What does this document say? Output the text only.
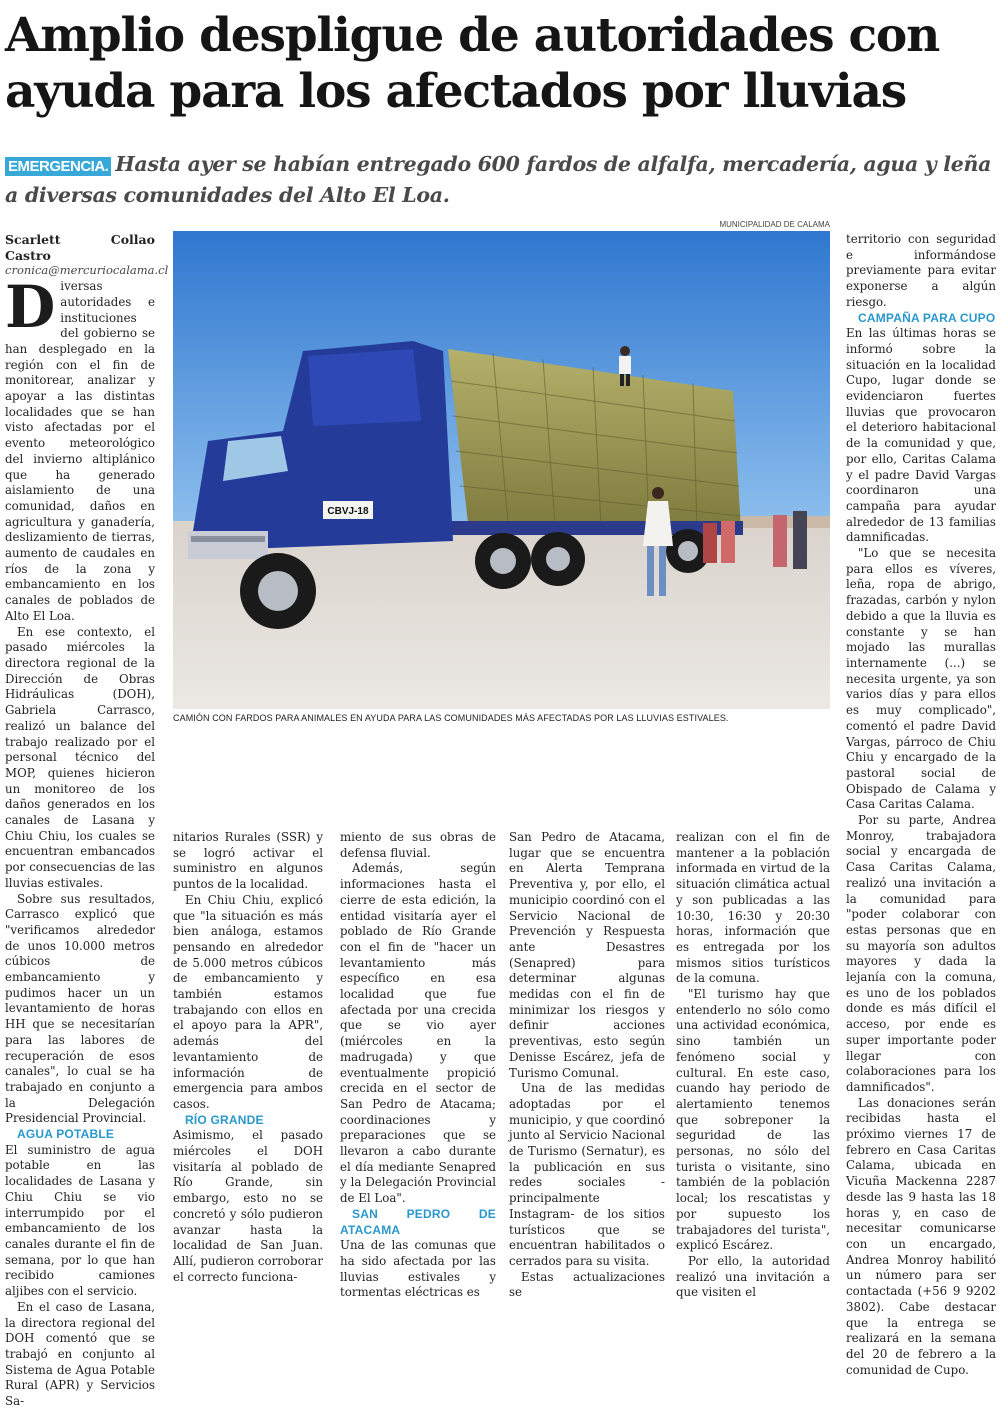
Amplio despligue de autoridades con
ayuda para los afectados por lluvias
EMERGENCIA. Hasta ayer se habían entregado 600 fardos de alfalfa, mercadería, agua y leña a diversas comunidades del Alto El Loa.

Scarlett Collao Castro

cronica@mercuriocalama.cl

Diversas autoridades e instituciones del gobierno se han desplegado en la región con el fin de monitorear, analizar y apoyar a las distintas localidades que se han visto afectadas por el evento meteorológico del invierno altiplánico que ha generado aislamiento de una comunidad, daños en agricultura y ganadería, deslizamiento de tierras, aumento de caudales en ríos de la zona y embancamiento en los canales de poblados de Alto El Loa.

En ese contexto, el pasado miércoles la directora regional de la Dirección de Obras Hidráulicas (DOH), Gabriela Carrasco, realizó un balance del trabajo realizado por el personal técnico del MOP, quienes hicieron un monitoreo de los daños generados en los canales de Lasana y Chiu Chiu, los cuales se encuentran embancados por consecuencias de las lluvias estivales.

Sobre sus resultados, Carrasco explicó que "verificamos alrededor de unos 10.000 metros cúbicos de embancamiento y pudimos hacer un un levantamiento de horas HH que se necesitarían para las labores de recuperación de esos canales", lo cual se ha trabajado en conjunto a la Delegación Presidencial Provincial.

AGUA POTABLE

El suministro de agua potable en las localidades de Lasana y Chiu Chiu se vio interrumpido por el embancamiento de los canales durante el fin de semana, por lo que han recibido camiones aljibes con el servicio.

En el caso de Lasana, la directora regional del DOH comentó que se trabajó en conjunto al Sistema de Agua Potable Rural (APR) y Servicios Sa-

MUNICIPALIDAD DE CALAMA
CBVJ-18
CAMIÓN CON FARDOS PARA ANIMALES EN AYUDA PARA LAS COMUNIDADES MÁS AFECTADAS POR LAS LLUVIAS ESTIVALES.

nitarios Rurales (SSR) y se logró activar el suministro en algunos puntos de la localidad.

En Chiu Chiu, explicó que "la situación es más bien análoga, estamos pensando en alrededor de 5.000 metros cúbicos de embancamiento y también estamos trabajando con ellos en el apoyo para la APR", además del levantamiento de información de emergencia para ambos casos.

RÍO GRANDE

Asimismo, el pasado miércoles el DOH visitaría al poblado de Río Grande, sin embargo, esto no se concretó y sólo pudieron avanzar hasta la localidad de San Juan. Allí, pudieron corroborar el correcto funciona-

miento de sus obras de defensa fluvial.

Además, según informaciones hasta el cierre de esta edición, la entidad visitaría ayer el poblado de Río Grande con el fin de "hacer un levantamiento más específico en esa localidad que fue afectada por una crecida que se vio ayer (miércoles en la madrugada) y que eventualmente propició crecida en el sector de San Pedro de Atacama; coordinaciones y preparaciones que se llevaron a cabo durante el día mediante Senapred y la Delegación Provincial de El Loa".

SAN PEDRO DE ATACAMA

Una de las comunas que ha sido afectada por las lluvias estivales y tormentas eléctricas es

San Pedro de Atacama, lugar que se encuentra en Alerta Temprana Preventiva y, por ello, el municipio coordinó con el Servicio Nacional de Prevención y Respuesta ante Desastres (Senapred) para determinar algunas medidas con el fin de minimizar los riesgos y definir acciones preventivas, esto según Denisse Escárez, jefa de Turismo Comunal.

Una de las medidas adoptadas por el municipio, y que coordinó junto al Servicio Nacional de Turismo (Sernatur), es la publicación en sus redes sociales -principalmente Instagram- de los sitios turísticos que se encuentran habilitados o cerrados para su visita.

Estas actualizaciones se

realizan con el fin de mantener a la población informada en virtud de la situación climática actual y son publicadas a las 10:30, 16:30 y 20:30 horas, información que es entregada por los mismos sitios turísticos de la comuna.

"El turismo hay que entenderlo no sólo como una actividad económica, sino también un fenómeno social y cultural. En este caso, cuando hay periodo de alertamiento tenemos que sobreponer la seguridad de las personas, no sólo del turista o visitante, sino también de la población local; los rescatistas y por supuesto los trabajadores del turista", explicó Escárez.

Por ello, la autoridad realizó una invitación a que visiten el

territorio con seguridad e informándose previamente para evitar exponerse a algún riesgo.

CAMPAÑA PARA CUPO

En las últimas horas se informó sobre la situación en la localidad Cupo, lugar donde se evidenciaron fuertes lluvias que provocaron el deterioro habitacional de la comunidad y que, por ello, Caritas Calama y el padre David Vargas coordinaron una campaña para ayudar alrededor de 13 familias damnificadas.

"Lo que se necesita para ellos es víveres, leña, ropa de abrigo, frazadas, carbón y nylon debido a que la lluvia es constante y se han mojado las murallas internamente (...) se necesita urgente, ya son varios días y para ellos es muy complicado", comentó el padre David Vargas, párroco de Chiu Chiu y encargado de la pastoral social de Obispado de Calama y Casa Caritas Calama.

Por su parte, Andrea Monroy, trabajadora social y encargada de Casa Caritas Calama, realizó una invitación a la comunidad para "poder colaborar con estas personas que en su mayoría son adultos mayores y dada la lejanía con la comuna, es uno de los poblados donde es más difícil el acceso, por ende es super importante poder llegar con colaboraciones para los damnificados".

Las donaciones serán recibidas hasta el próximo viernes 17 de febrero en Casa Caritas Calama, ubicada en Vicuña Mackenna 2287 desde las 9 hasta las 18 horas y, en caso de necesitar comunicarse con un encargado, Andrea Monroy habilitó un número para ser contactada (+56 9 9202 3802). Cabe destacar que la entrega se realizará en la semana del 20 de febrero a la comunidad de Cupo.
